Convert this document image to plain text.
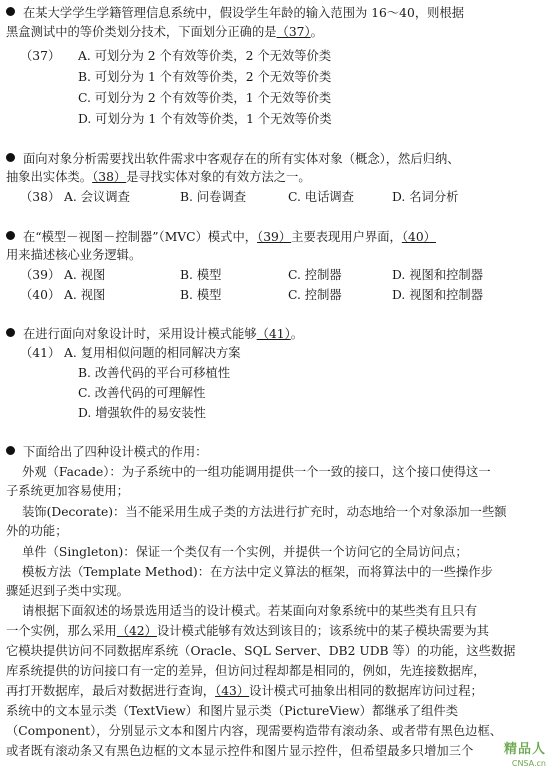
在某大学学生学籍管理信息系统中，假设学生年龄的输入范围为 16～40，则根据
黑盒测试中的等价类划分技术，下面划分正确的是（37）。
（37） A. 可划分为 2 个有效等价类，2 个无效等价类
B. 可划分为 1 个有效等价类，2 个无效等价类
C. 可划分为 2 个有效等价类，1 个无效等价类
D. 可划分为 1 个有效等价类，1 个无效等价类
面向对象分析需要找出软件需求中客观存在的所有实体对象（概念），然后归纳、
抽象出实体类。（38）是寻找实体对象的有效方法之一。
（38） A. 会议调查	B. 问卷调查	C. 电话调查	D. 名词分析
在“模型－视图－控制器”（MVC）模式中，（39）主要表现用户界面，（40）
用来描述核心业务逻辑。
（39） A. 视图	B. 模型	C. 控制器	D. 视图和控制器
（40） A. 视图	B. 模型	C. 控制器	D. 视图和控制器
在进行面向对象设计时，采用设计模式能够（41）。
（41） A. 复用相似问题的相同解决方案
B. 改善代码的平台可移植性
C. 改善代码的可理解性
D. 增强软件的易安装性
下面给出了四种设计模式的作用：
外观（Facade）：为子系统中的一组功能调用提供一个一致的接口，这个接口使得这一
子系统更加容易使用；
装饰(Decorate)：当不能采用生成子类的方法进行扩充时，动态地给一个对象添加一些额
外的功能；
单件（Singleton)：保证一个类仅有一个实例，并提供一个访问它的全局访问点；
模板方法（Template Method)：在方法中定义算法的框架，而将算法中的一些操作步
骤延迟到子类中实现。
请根据下面叙述的场景选用适当的设计模式。若某面向对象系统中的某些类有且只有
一个实例，那么采用（42）设计模式能够有效达到该目的；该系统中的某子模块需要为其
它模块提供访问不同数据库系统（Oracle、SQL Server、DB2 UDB 等）的功能，这些数据
库系统提供的访问接口有一定的差异，但访问过程却都是相同的，例如，先连接数据库，
再打开数据库，最后对数据进行查询，（43）设计模式可抽象出相同的数据库访问过程；
系统中的文本显示类（TextView）和图片显示类（PictureView）都继承了组件类
（Component），分别显示文本和图片内容，现需要构造带有滚动条、或者带有黑色边框、
或者既有滚动条又有黑色边框的文本显示控件和图片显示控件，但希望最多只增加三个 精品人
CNSA.cn
